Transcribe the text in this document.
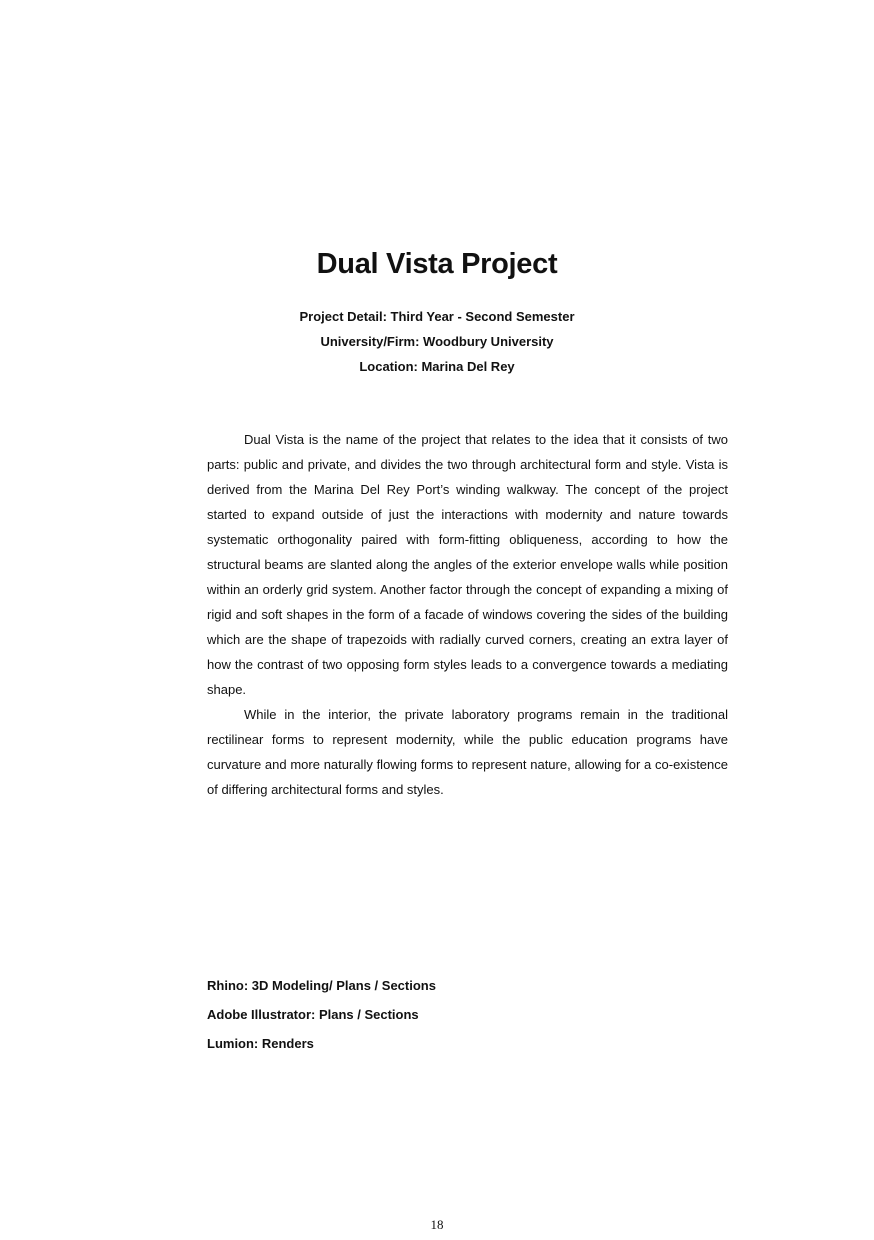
Dual Vista Project
Project Detail: Third Year - Second Semester
University/Firm: Woodbury University
Location: Marina Del Rey

Dual Vista is the name of the project that relates to the idea that it consists of two parts: public and private, and divides the two through architectural form and style. Vista is derived from the Marina Del Rey Port’s winding walkway. The concept of the project started to expand outside of just the interactions with modernity and nature towards systematic orthogonality paired with form-fitting obliqueness, according to how the structural beams are slanted along the angles of the exterior envelope walls while position within an orderly grid system. Another factor through the concept of expanding a mixing of rigid and soft shapes in the form of a facade of windows covering the sides of the building which are the shape of trapezoids with radially curved corners, creating an extra layer of how the contrast of two opposing form styles leads to a convergence towards a mediating shape.

While in the interior, the private laboratory programs remain in the traditional rectilinear forms to represent modernity, while the public education programs have curvature and more naturally flowing forms to represent nature, allowing for a co-existence of differing architectural forms and styles.

Rhino: 3D Modeling/ Plans / Sections
Adobe Illustrator: Plans / Sections
Lumion: Renders
18
